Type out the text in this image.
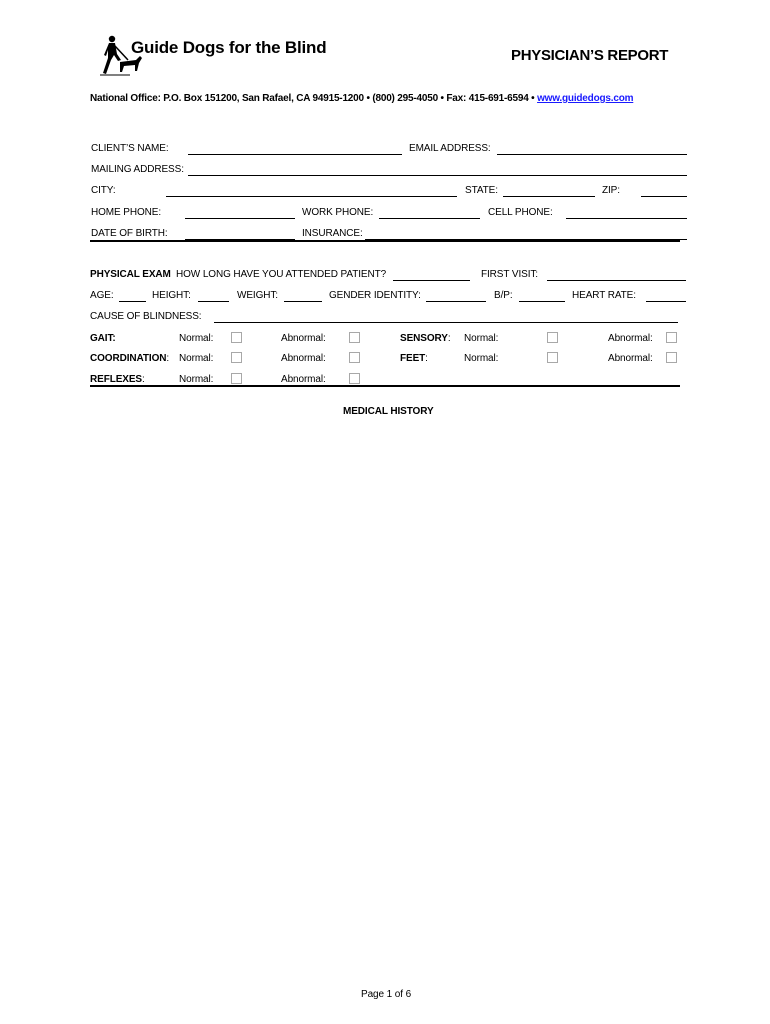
Guide Dogs for the Blind	PHYSICIAN’S REPORT
National Office: P.O. Box 151200, San Rafael, CA 94915-1200 • (800) 295-4050 • Fax: 415-691-6594 • www.guidedogs.com
CLIENT’S NAME:	EMAIL ADDRESS:
MAILING ADDRESS:
CITY:	STATE:	ZIP:
HOME PHONE:	WORK PHONE:	CELL PHONE:
DATE OF BIRTH:	INSURANCE:
PHYSICAL EXAM HOW LONG HAVE YOU ATTENDED PATIENT?	FIRST VISIT:
AGE:	HEIGHT:	WEIGHT:	GENDER IDENTITY:	B/P:	HEART RATE:
CAUSE OF BLINDNESS:
GAIT:	Normal:	Abnormal:	SENSORY: Normal:	Abnormal:
COORDINATION: Normal:	Abnormal:	FEET:	Normal:	Abnormal:
REFLEXES:	Normal:	Abnormal:
MEDICAL HISTORY
Page 1 of 6
